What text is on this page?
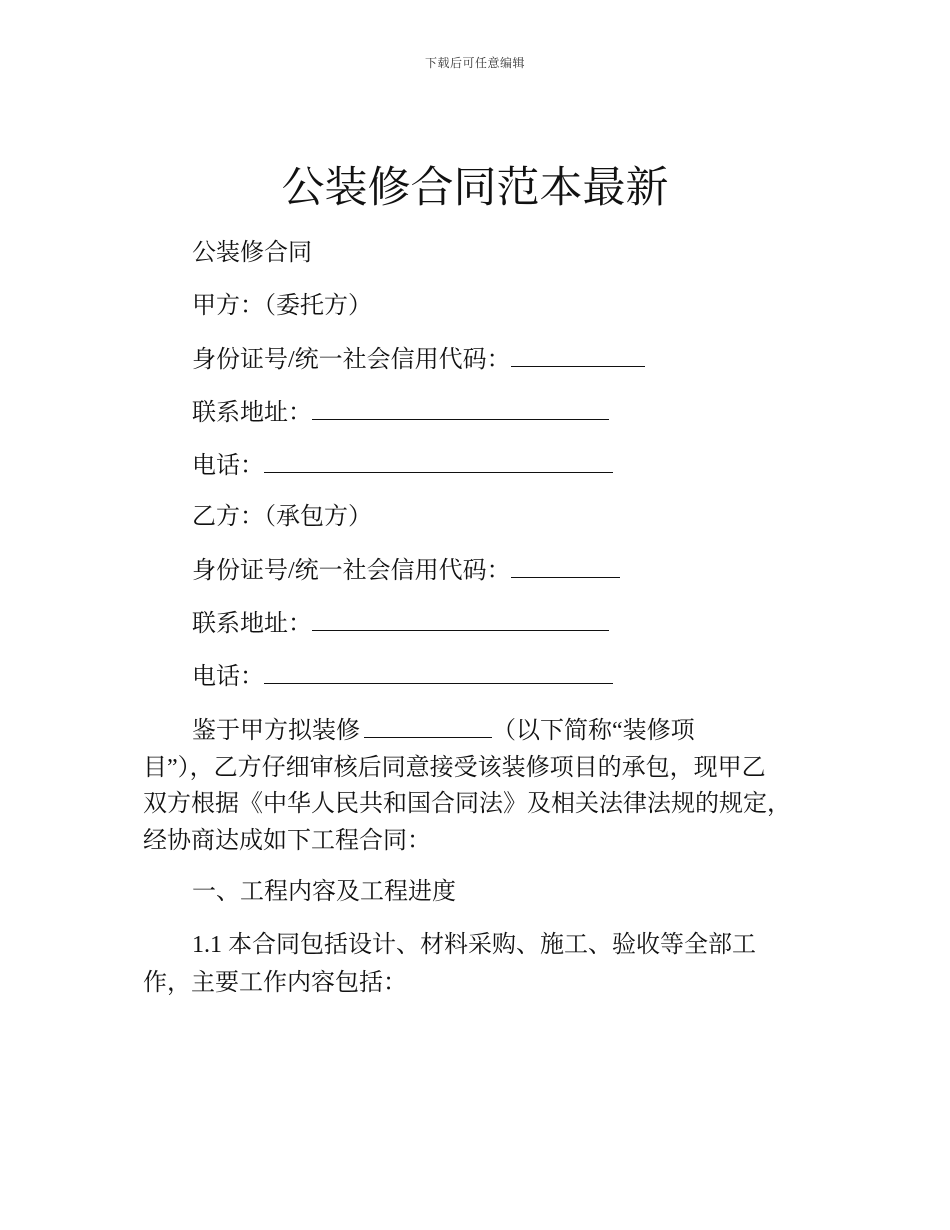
下载后可任意编辑
公装修合同范本最新
公装修合同
甲方：（委托方）
身份证号/统一社会信用代码：
联系地址：
电话：
乙方：（承包方）
身份证号/统一社会信用代码：
联系地址：
电话：
鉴于甲方拟装修	（以下简称“装修项
目”），乙方仔细审核后同意接受该装修项目的承包，现甲乙
双方根据《中华人民共和国合同法》及相关法律法规的规定，
经协商达成如下工程合同：
一、工程内容及工程进度
1.1 本合同包括设计、材料采购、施工、验收等全部工
作，主要工作内容包括：
